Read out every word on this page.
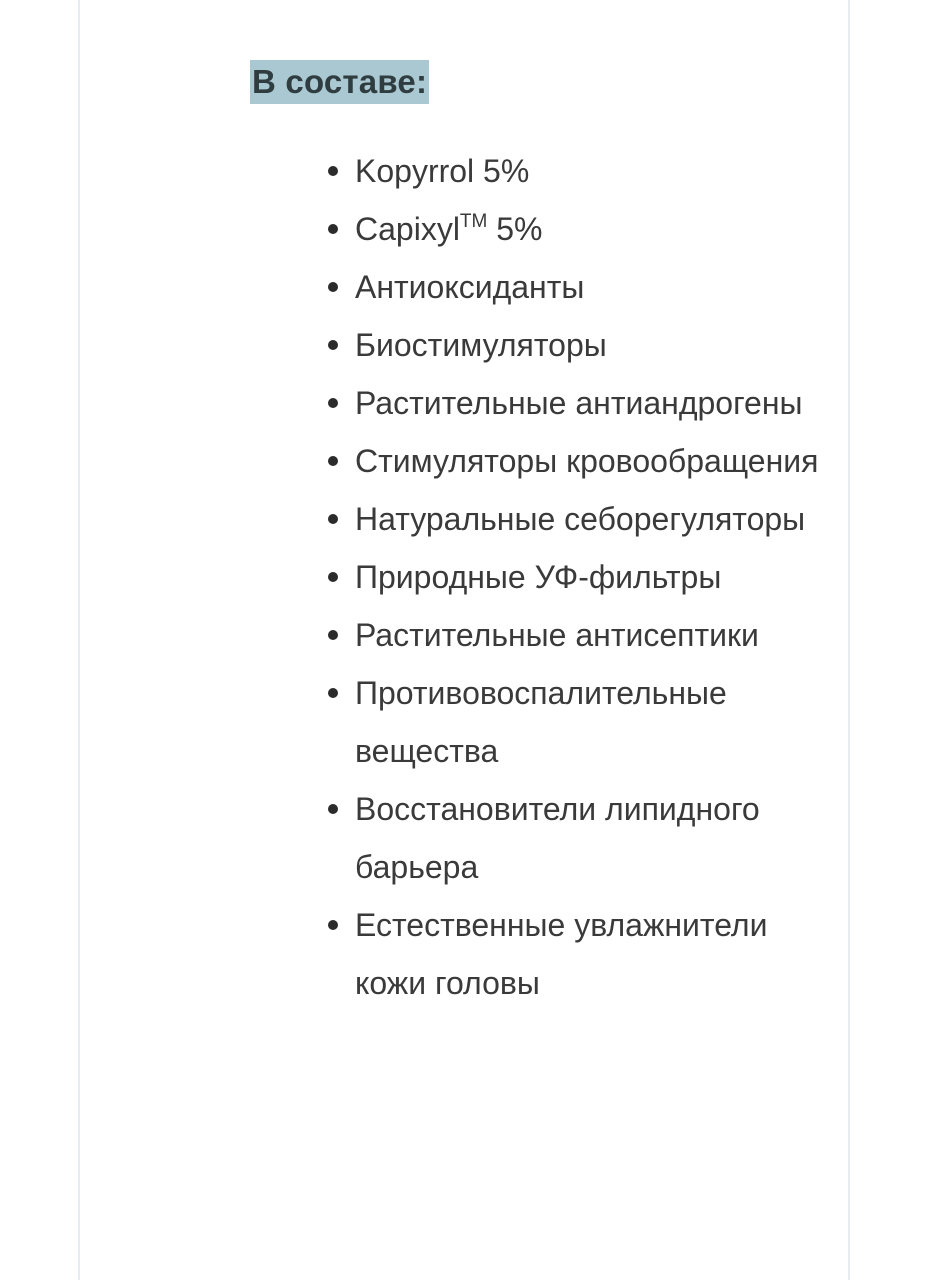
В составе:
Kopyrrol 5%
Capixyl™ 5%
Антиоксиданты
Биостимуляторы
Растительные антиандрогены
Стимуляторы кровообращения
Натуральные себорегуляторы
Природные УФ-фильтры
Растительные антисептики
Противовоспалительные вещества
Восстановители липидного барьера
Естественные увлажнители кожи головы
